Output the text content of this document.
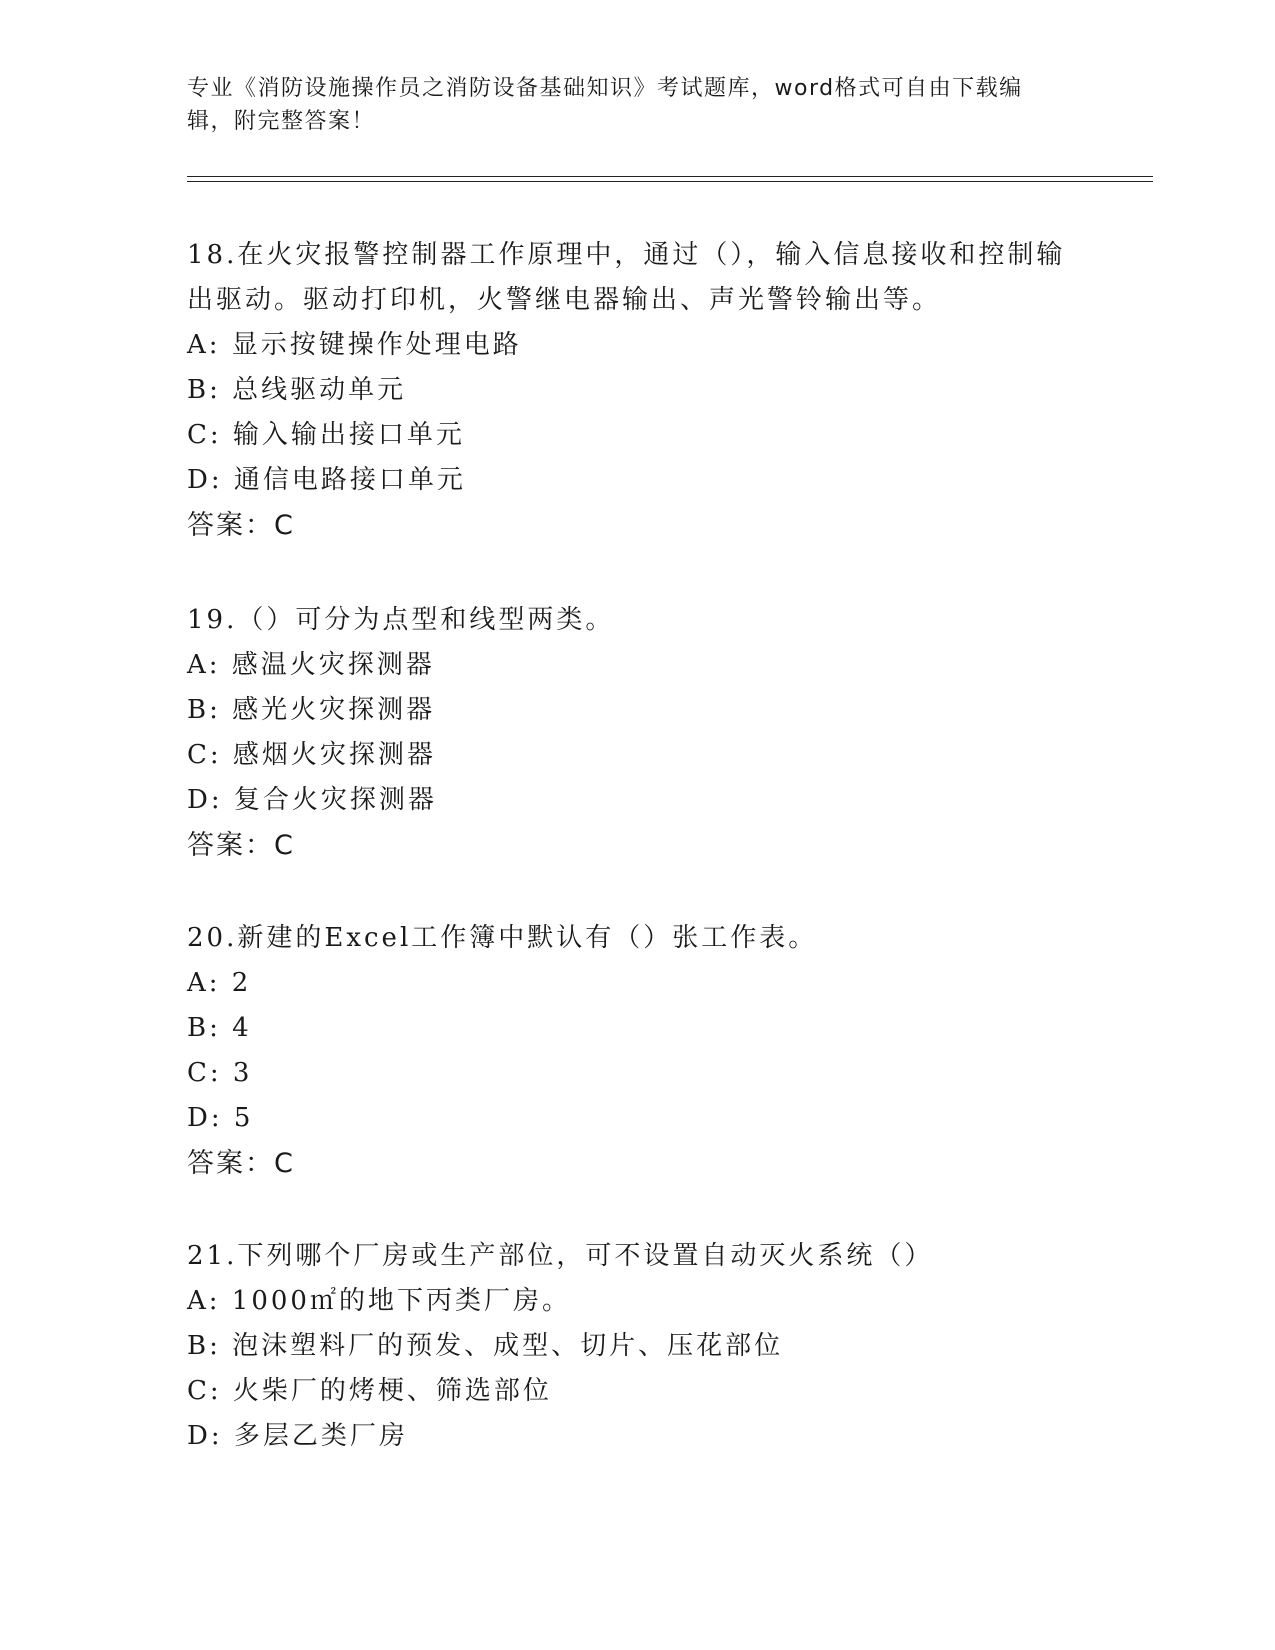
专业《消防设施操作员之消防设备基础知识》考试题库，word格式可自由下载编辑，附完整答案！

18.在火灾报警控制器工作原理中，通过（），输入信息接收和控制输出驱动。驱动打印机，火警继电器输出、声光警铃输出等。

A: 显示按键操作处理电路

B: 总线驱动单元

C: 输入输出接口单元

D: 通信电路接口单元

答案：C

19.（）可分为点型和线型两类。

A: 感温火灾探测器

B: 感光火灾探测器

C: 感烟火灾探测器

D: 复合火灾探测器

答案：C

20.新建的Excel工作簿中默认有（）张工作表。

A: 2

B: 4

C: 3

D: 5

答案：C

21.下列哪个厂房或生产部位，可不设置自动灭火系统（）

A: 1000㎡的地下丙类厂房。

B: 泡沫塑料厂的预发、成型、切片、压花部位

C: 火柴厂的烤梗、筛选部位

D: 多层乙类厂房
